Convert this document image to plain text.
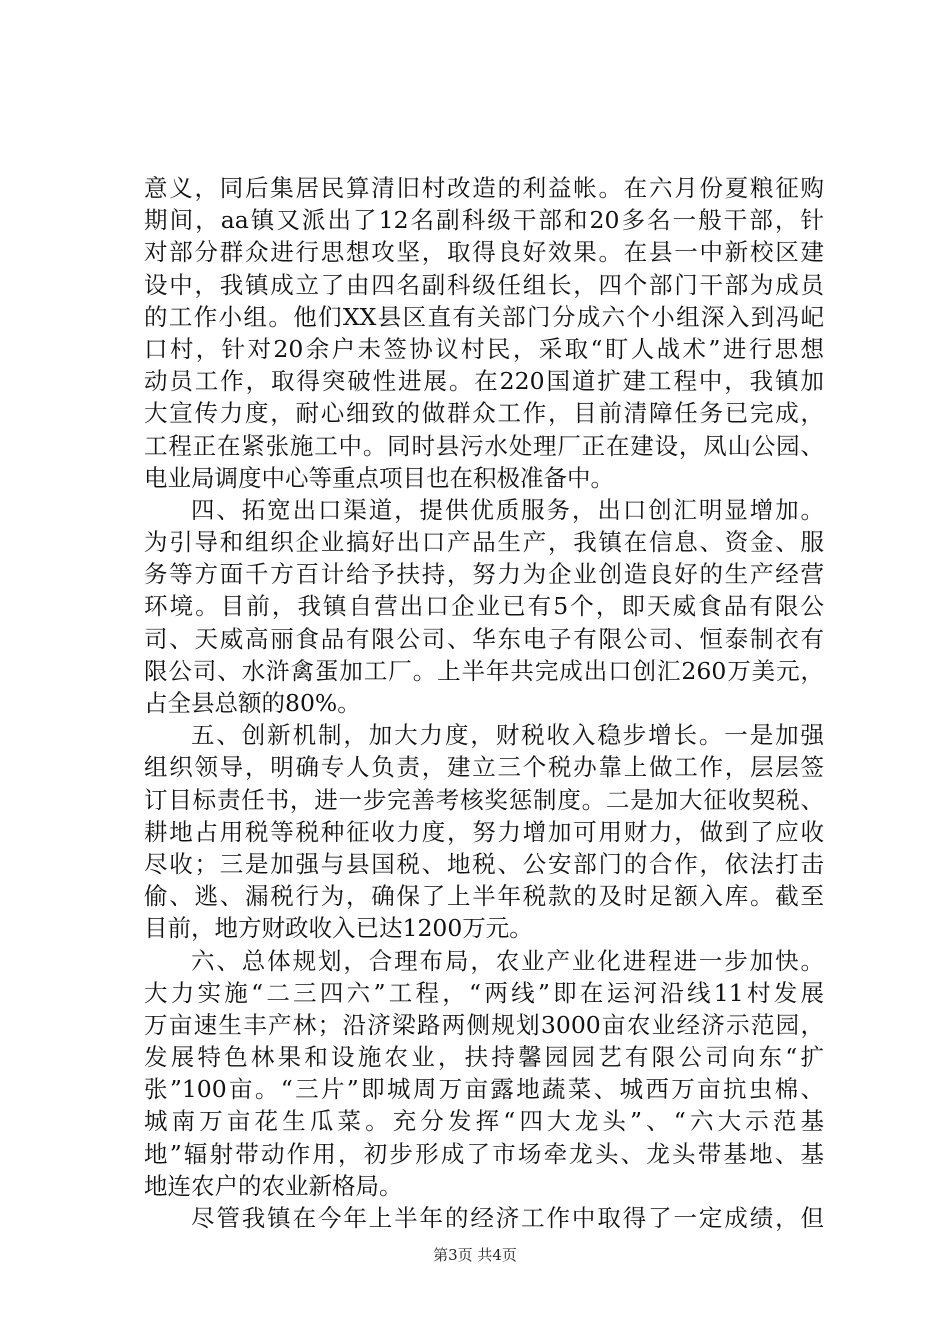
意义，同后集居民算清旧村改造的利益帐。在六月份夏粮征购
期间，aa镇又派出了12名副科级干部和20多名一般干部，针
对部分群众进行思想攻坚，取得良好效果。在县一中新校区建
设中，我镇成立了由四名副科级任组长，四个部门干部为成员
的工作小组。他们XX县区直有关部门分成六个小组深入到冯屺
口村，针对20余户未签协议村民，采取“盯人战术”进行思想
动员工作，取得突破性进展。在220国道扩建工程中，我镇加
大宣传力度，耐心细致的做群众工作，目前清障任务已完成，
工程正在紧张施工中。同时县污水处理厂正在建设，凤山公园、
电业局调度中心等重点项目也在积极准备中。
四、拓宽出口渠道，提供优质服务，出口创汇明显增加。
为引导和组织企业搞好出口产品生产，我镇在信息、资金、服
务等方面千方百计给予扶持，努力为企业创造良好的生产经营
环境。目前，我镇自营出口企业已有5个，即天威食品有限公
司、天威高丽食品有限公司、华东电子有限公司、恒泰制衣有
限公司、水浒禽蛋加工厂。上半年共完成出口创汇260万美元，
占全县总额的80%。
五、创新机制，加大力度，财税收入稳步增长。一是加强
组织领导，明确专人负责，建立三个税办靠上做工作，层层签
订目标责任书，进一步完善考核奖惩制度。二是加大征收契税、
耕地占用税等税种征收力度，努力增加可用财力，做到了应收
尽收；三是加强与县国税、地税、公安部门的合作，依法打击
偷、逃、漏税行为，确保了上半年税款的及时足额入库。截至
目前，地方财政收入已达1200万元。
六、总体规划，合理布局，农业产业化进程进一步加快。
大力实施“二三四六”工程，“两线”即在运河沿线11村发展
万亩速生丰产林；沿济梁路两侧规划3000亩农业经济示范园，
发展特色林果和设施农业，扶持馨园园艺有限公司向东“扩
张”100亩。“三片”即城周万亩露地蔬菜、城西万亩抗虫棉、
城南万亩花生瓜菜。充分发挥“四大龙头”、“六大示范基
地”辐射带动作用，初步形成了市场牵龙头、龙头带基地、基
地连农户的农业新格局。
尽管我镇在今年上半年的经济工作中取得了一定成绩，但
第3页 共4页
